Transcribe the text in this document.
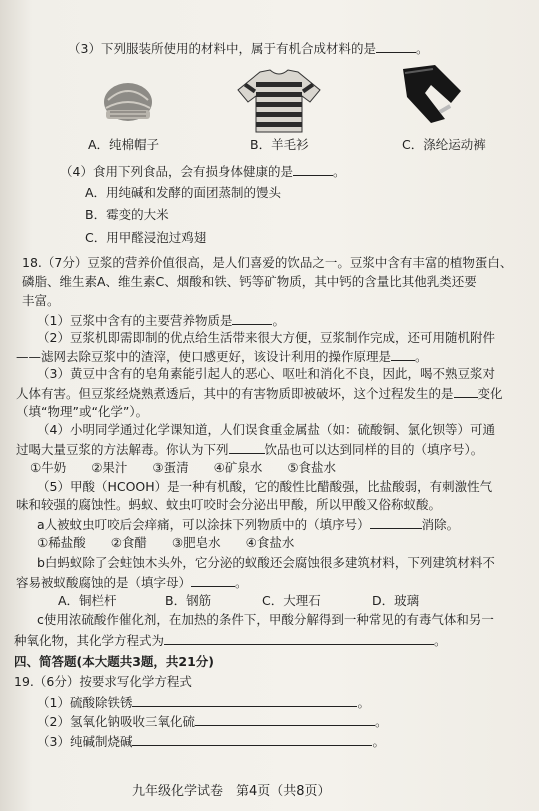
（3）下列服装所使用的材料中，属于有机合成材料的是	。
A．纯棉帽子	B．羊毛衫	C．涤纶运动裤
（4）食用下列食品，会有损身体健康的是	。
A．用纯碱和发酵的面团蒸制的馒头
B．霉变的大米
C．用甲醛浸泡过鸡翅
18.（7分）豆浆的营养价值很高，是人们喜爱的饮品之一。豆浆中含有丰富的植物蛋白、
磷脂、维生素A、维生素C、烟酸和铁、钙等矿物质，其中钙的含量比其他乳类还要
丰富。
（1）豆浆中含有的主要营养物质是	。
（2）豆浆机即需即制的优点给生活带来很大方便，豆浆制作完成，还可用随机附件
——滤网去除豆浆中的渣滓，使口感更好，该设计利用的操作原理是 。
（3）黄豆中含有的皂角素能引起人的恶心、呕吐和消化不良，因此，喝不熟豆浆对
人体有害。但豆浆经烧熟煮透后，其中的有害物质即被破坏，这个过程发生的是 变化
（填“物理”或“化学”）。
（4）小明同学通过化学课知道，人们误食重金属盐（如：硫酸铜、氯化钡等）可通
过喝大量豆浆的方法解毒。你认为下列	饮品也可以达到同样的目的（填序号）。
①牛奶　　②果汁　　③蛋清　　④矿泉水　　⑤食盐水
（5）甲酸（HCOOH）是一种有机酸，它的酸性比醋酸强，比盐酸弱，有刺激性气
味和较强的腐蚀性。蚂蚁、蚊虫叮咬时会分泌出甲酸，所以甲酸又俗称蚁酸。
a人被蚊虫叮咬后会痒痛，可以涂抹下列物质中的（填序号）	消除。
①稀盐酸　　②食醋　　③肥皂水　　④食盐水
b白蚂蚁除了会蛀蚀木头外，它分泌的蚁酸还会腐蚀很多建筑材料，下列建筑材料不
容易被蚁酸腐蚀的是（填字母）	。
A．铜栏杆	B．钢筋	C．大理石	D．玻璃
c使用浓硫酸作催化剂，在加热的条件下，甲酸分解得到一种常见的有毒气体和另一
种氧化物，其化学方程式为	。
四、简答题(本大题共3题，共21分)
19.（6分）按要求写化学方程式
（1）硫酸除铁锈	。
（2）氢氧化钠吸收三氧化硫	。
（3）纯碱制烧碱	。
九年级化学试卷　第4页（共8页）
